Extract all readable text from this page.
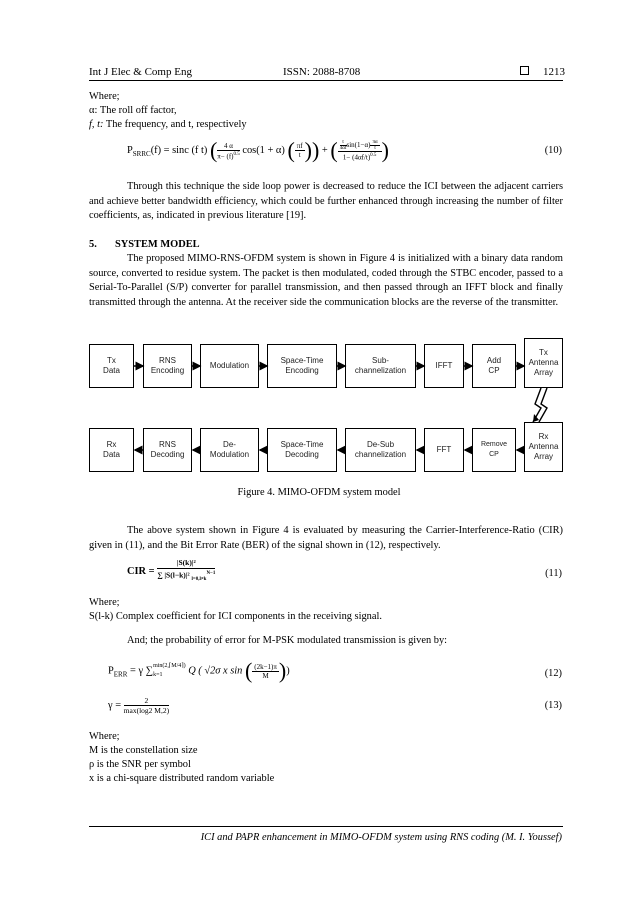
Int J Elec & Comp Eng	ISSN: 2088-8708	1213
Where;
α: The roll off factor,
f, t: The frequency, and t, respectively
$P_{SRRC}(f) = \sin c$ (f t) ( $\frac{4 \alpha}{\pi- (f)^{0.5}} \cos(1 + \alpha)$ ( $\frac{\pi f}{t}$ )) + ( $\frac{\frac{t}{4\alpha f} \sin(1-\alpha) \frac{\pi\alpha}{t}}{1- (4\alpha f/t)^{0.5}}$ )	(10)
Through this technique the side loop power is decreased to reduce the ICI between the adjacent carriers and achieve better bandwidth efficiency, which could be further enhanced through increasing the number of filter coefficients, as, indicated in previous literature [19].
5. SYSTEM MODEL
The proposed MIMO-RNS-OFDM system is shown in Figure 4 is initialized with a binary data random source, converted to residue system. The packet is then modulated, coded through the STBC encoder, passed to a Serial-To-Parallel (S/P) converter for parallel transmission, and then passed through an IFFT block and finally transmitted through the antenna. At the receiver side the communication blocks are the reverse of the transmitter.
Tx
Data
RNS
Encoding
Modulation
Space-Time
Encoding
Sub-
channelization
IFFT
Add
CP
Tx
Antenna
Array
Rx
Data
RNS
Decoding
De-
Modulation
Space-Time
Decoding
De-Sub
channelization
FFT
Remove
CP
Rx
Antenna
Array
Figure 4. MIMO-OFDM system model
The above system shown in Figure 4 is evaluated by measuring the Carrier-Interference-Ratio (CIR) given in (11), and the Bit Error Rate (BER) of the signal shown in (12), respectively.
CIR = $\frac{\text{|S(k)|²}}{\sum |S(l-k)|^2 _{l=0,l\ne k}^{N-1}}$	(11)
Where;
S(l-k) Complex coefficient for ICI components in the receiving signal.
And; the probability of error for M-PSK modulated transmission is given by:
$P_{ERR} = \gamma$ ∑ min(2,⌈M/4⌉)
k=1	Q ( √2σ x sin ( $\frac{(2k-1)\pi}{M}$ ))	(12)
$\gamma = \frac{2}{\max(\log 2 M,2)}$	(13)
Where;
M is the constellation size
ρ is the SNR per symbol
x is a chi-square distributed random variable
ICI and PAPR enhancement in MIMO-OFDM system using RNS coding (M. I. Youssef)
